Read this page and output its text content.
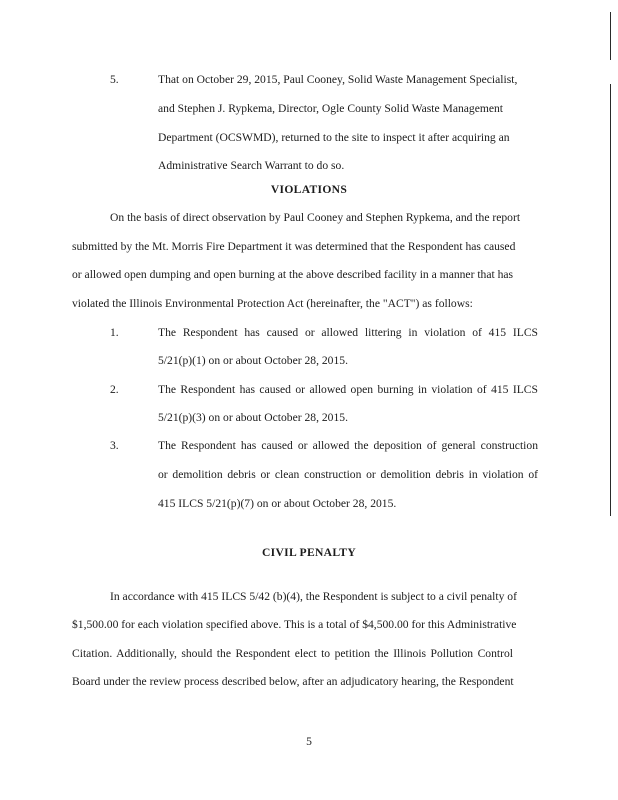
5.	That on October 29, 2015, Paul Cooney, Solid Waste Management Specialist,
and Stephen J. Rypkema, Director, Ogle County Solid Waste Management
Department (OCSWMD), returned to the site to inspect it after acquiring an
Administrative Search Warrant to do so.
VIOLATIONS
On the basis of direct observation by Paul Cooney and Stephen Rypkema, and the report
submitted by the Mt. Morris Fire Department it was determined that the Respondent has caused
or allowed open dumping and open burning at the above described facility in a manner that has
violated the Illinois Environmental Protection Act (hereinafter, the "ACT") as follows:
1.	The Respondent has caused or allowed littering in violation of 415 ILCS
5/21(p)(1) on or about October 28, 2015.
2.	The Respondent has caused or allowed open burning in violation of 415 ILCS
5/21(p)(3) on or about October 28, 2015.
3.	The Respondent has caused or allowed the deposition of general construction
or demolition debris or clean construction or demolition debris in violation of
415 ILCS 5/21(p)(7) on or about October 28, 2015.
CIVIL PENALTY
In accordance with 415 ILCS 5/42 (b)(4), the Respondent is subject to a civil penalty of
$1,500.00 for each violation specified above. This is a total of $4,500.00 for this Administrative
Citation. Additionally, should the Respondent elect to petition the Illinois Pollution Control
Board under the review process described below, after an adjudicatory hearing, the Respondent
5
